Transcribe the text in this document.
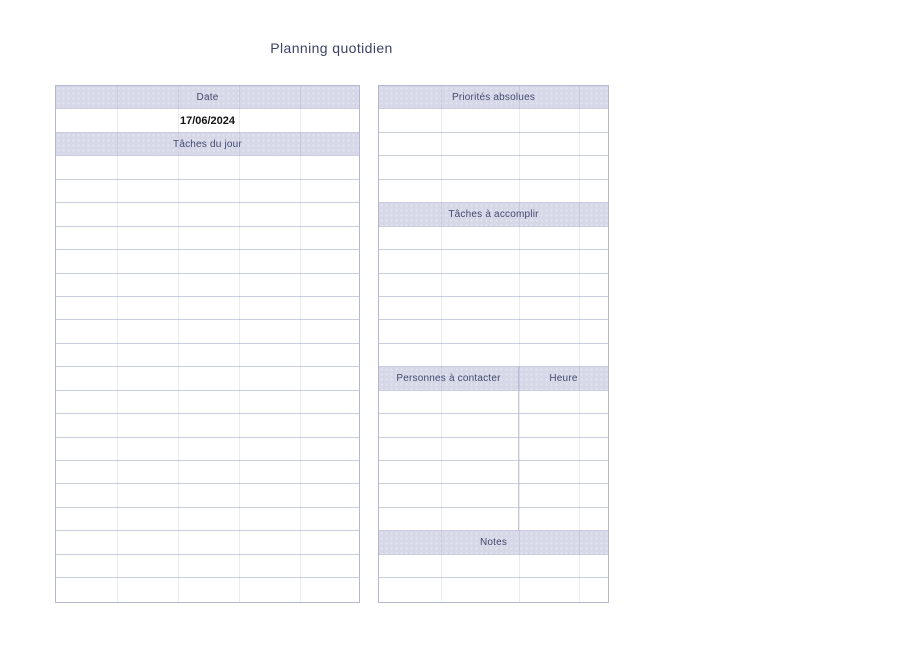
Planning quotidien
Date
17/06/2024
Tâches du jour
Priorités absolues
Tâches à accomplir
Personnes à contacter	Heure
Notes
